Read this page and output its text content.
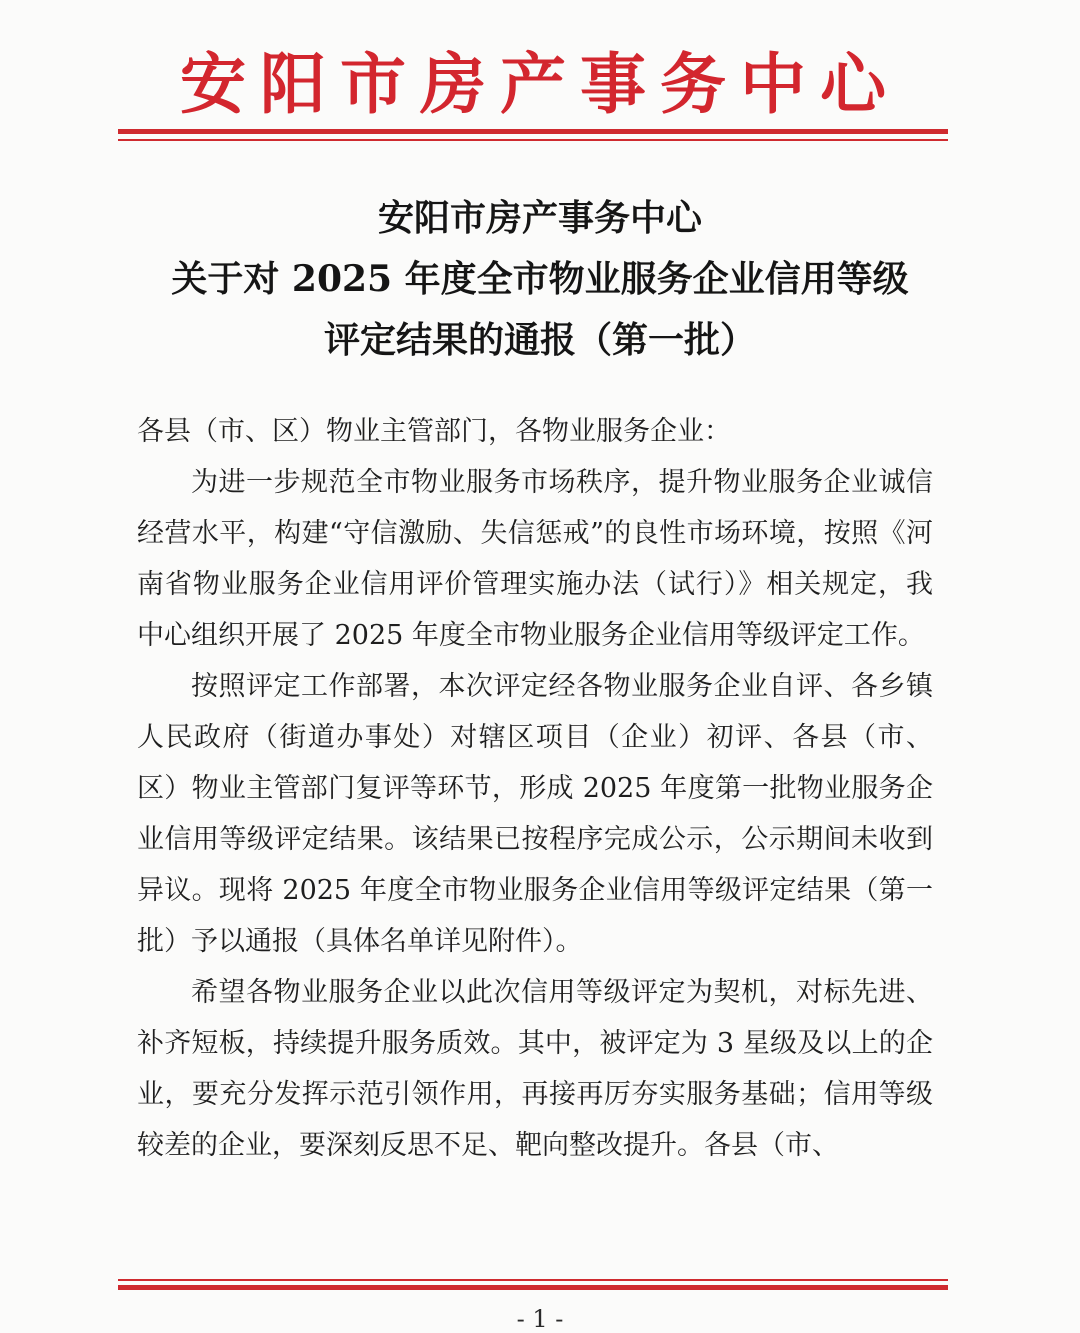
安阳市房产事务中心
安阳市房产事务中心
关于对 2025 年度全市物业服务企业信用等级
评定结果的通报（第一批）

各县（市、区）物业主管部门，各物业服务企业：

为进一步规范全市物业服务市场秩序，提升物业服务企业诚信经营水平，构建“守信激励、失信惩戒”的良性市场环境，按照《河南省物业服务企业信用评价管理实施办法（试行）》相关规定，我中心组织开展了 2025 年度全市物业服务企业信用等级评定工作。

按照评定工作部署，本次评定经各物业服务企业自评、各乡镇人民政府（街道办事处）对辖区项目（企业）初评、各县（市、区）物业主管部门复评等环节，形成 2025 年度第一批物业服务企业信用等级评定结果。该结果已按程序完成公示，公示期间未收到异议。现将 2025 年度全市物业服务企业信用等级评定结果（第一批）予以通报（具体名单详见附件）。

希望各物业服务企业以此次信用等级评定为契机，对标先进、补齐短板，持续提升服务质效。其中，被评定为 3 星级及以上的企业，要充分发挥示范引领作用，再接再厉夯实服务基础；信用等级较差的企业，要深刻反思不足、靶向整改提升。各县（市、

- 1 -
